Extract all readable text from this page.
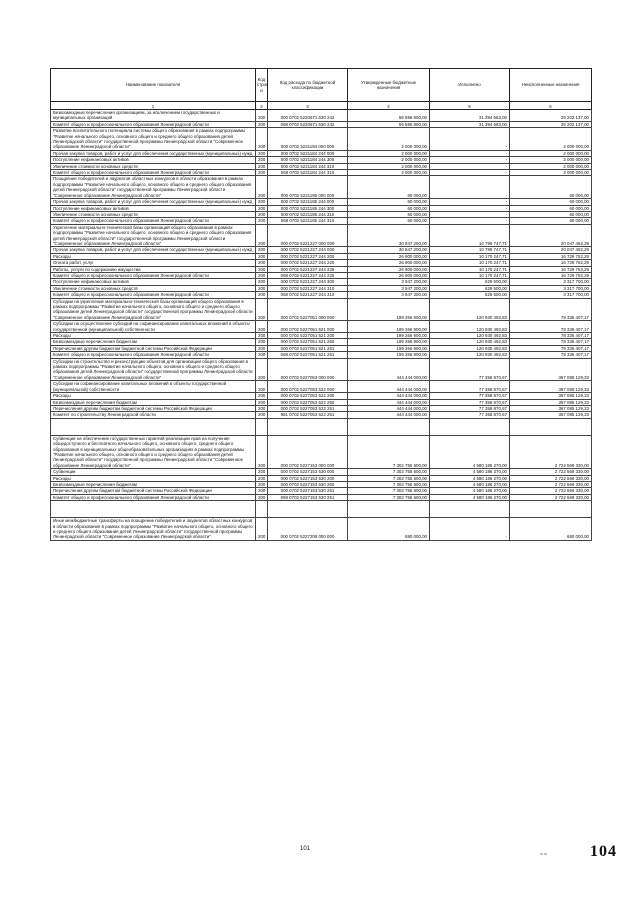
Наименование показателя	Код строк и	Код расхода по бюджетной классификации	Утвержденные бюджетные назначения	Исполнено	Неисполненные назначения
1	2	3	4	5	6
Безвозмездные перечисления организациям, за исключением государственных и муниципальных организаций	200	000 0702 5220671 630 242	56 596 800,00	31 394 663,00	25 202 137,00
Комитет общего и профессионального образования Ленинградской области	200	068 0702 5220671 630 242	56 596 800,00	31 394 663,00	25 202 137,00
Развитие воспитательного потенциала системы общего образования в рамках подпрограммы "Развитие начального общего, основного общего и среднего общего образования детей Ленинградской области" государственной программы Ленинградской области "Современное образование Ленинградской области"	200	000 0702 5221184 000 000	2 000 000,00	-	2 000 000,00
Прочая закупка товаров, работ и услуг для обеспечения государственных (муниципальных) нужд	200	000 0702 5221184 244 000	2 000 000,00	-	2 000 000,00
Поступление нефинансовых активов	200	000 0702 5221184 244 300	2 000 000,00	-	2 000 000,00
Увеличение стоимости основных средств	200	000 0702 5221184 244 310	2 000 000,00	-	2 000 000,00
Комитет общего и профессионального образования Ленинградской области	200	068 0702 5221184 244 310	2 000 000,00	-	2 000 000,00
Поощрение победителей и лауреатов областных конкурсов в области образования в рамках подпрограммы "Развитие начального общего, основного общего и среднего общего образования детей Ленинградской области" государственной программы Ленинградской области "Современное образование Ленинградской области"	200	000 0702 5221185 000 000	60 000,00	-	60 000,00
Прочая закупка товаров, работ и услуг для обеспечения государственных (муниципальных) нужд	200	000 0702 5221185 244 000	60 000,00	-	60 000,00
Поступление нефинансовых активов	200	000 0702 5221185 244 300	60 000,00	-	60 000,00
Увеличение стоимости основных средств	200	000 0702 5221185 244 310	60 000,00	-	60 000,00
Комитет общего и профессионального образования Ленинградской области	200	068 0702 5221185 244 310	60 000,00	-	60 000,00
Укрепление материально-технической базы организаций общего образования в рамках подпрограммы "Развитие начального общего, основного общего и среднего общего образования детей Ленинградской области" государственной программы Ленинградской области "Современное образование Ленинградской области"	200	000 0702 5221227 000 000	30 847 200,00	10 799 747,71	20 047 452,29
Прочая закупка товаров, работ и услуг для обеспечения государственных (муниципальных) нужд	200	000 0702 5221227 244 000	30 847 200,00	10 799 747,71	20 047 452,29
Расходы	200	000 0702 5221227 244 200	26 900 000,00	10 170 247,71	16 729 752,29
Оплата работ, услуг	200	000 0702 5221227 244 220	26 900 000,00	10 170 247,71	16 729 752,29
Работы, услуги по содержанию имущества	200	000 0702 5221227 244 225	26 900 000,00	10 170 247,71	16 729 752,29
Комитет общего и профессионального образования Ленинградской области	200	068 0702 5221227 244 225	26 900 000,00	10 170 247,71	16 729 752,29
Поступление нефинансовых активов	200	000 0702 5221227 244 300	3 947 200,00	629 500,00	3 317 700,00
Увеличение стоимости основных средств	200	000 0702 5221227 244 310	3 947 200,00	629 500,00	3 317 700,00
Комитет общего и профессионального образования Ленинградской области	200	068 0702 5221227 244 310	3 947 200,00	629 500,00	3 317 700,00
Субсидии на укрепление материально-технической базы организаций общего образования в рамках подпрограммы "Развитие начального общего, основного общего и среднего общего образования детей Ленинградской области" государственной программы Ленинградской области "Современное образование Ленинградской области"	200	000 0702 5227051 000 000	199 266 900,00	120 930 492,83	78 336 407,17
Субсидии на осуществление субсидий на софинансирование капитальных вложений в объекты государственной (муниципальной) собственности	200	000 0702 5227051 521 000	199 266 900,00	120 930 492,83	78 336 407,17
Расходы	200	000 0702 5227051 521 200	199 266 900,00	120 930 492,83	78 336 407,17
Безвозмездные перечисления бюджетам	200	000 0702 5227051 521 250	199 266 900,00	120 930 492,83	78 336 407,17
Перечисления другим бюджетам бюджетной системы Российской Федерации	200	000 0702 5227051 521 251	199 266 900,00	120 930 492,83	78 336 407,17
Комитет общего и профессионального образования Ленинградской области	200	068 0702 5227051 521 251	199 266 900,00	120 930 492,83	78 336 407,17
Субсидии на строительство и реконструкцию объектов для организации общего образования в рамках подпрограммы "Развитие начального общего, основного общего и среднего общего образования детей Ленинградской области" государственной программы Ленинградской области "Современное образование Ленинградской области"	200	000 0702 5227053 000 000	444 444 000,00	77 358 870,67	367 085 129,33
Субсидии на софинансирование капитальных вложений в объекты государственной (муниципальной) собственности	200	000 0702 5227053 522 000	444 444 000,00	77 358 870,67	367 085 129,33
Расходы	200	000 0702 5227053 522 200	444 444 000,00	77 358 870,67	367 085 129,33
Безвозмездные перечисления бюджетам	200	000 0702 5227053 522 250	444 444 000,00	77 358 870,67	367 085 129,33
Перечисления другим бюджетам бюджетной системы Российской Федерации	200	000 0702 5227053 522 251	444 444 000,00	77 358 870,67	367 085 129,33
Комитет по строительству Ленинградской области	200	981 0702 5227053 522 251	444 444 000,00	77 358 870,67	367 085 129,33

Субвенции на обеспечение государственных гарантий реализации прав на получение общедоступного и бесплатного начального общего, основного общего, среднего общего образования в муниципальных общеобразовательных организациях в рамках подпрограммы "Развитие начального общего, основного общего и среднего общего образования детей Ленинградской области" государственной программы Ленинградской области "Современное образование Ленинградской области"	200	000 0702 5227153 000 000	7 302 755 600,00	4 580 186 270,00	2 722 569 330,00
Субвенции	200	000 0702 5227153 530 000	7 302 755 600,00	4 580 186 270,00	2 722 569 330,00
Расходы	200	000 0702 5227153 530 200	7 302 755 600,00	4 580 186 270,00	2 722 569 330,00
Безвозмездные перечисления бюджетам	200	000 0702 5227153 530 250	7 302 755 600,00	4 580 186 270,00	2 722 569 330,00
Перечисления другим бюджетам бюджетной системы Российской Федерации	200	000 0702 5227153 530 251	7 302 755 600,00	4 580 186 270,00	2 722 569 330,00
Комитет общего и профессионального образования Ленинградской области	200	068 0702 5227153 530 251	7 302 755 600,00	4 580 186 270,00	2 722 569 330,00

Иные межбюджетные трансферты на поощрение победителей и лауреатов областных конкурсов в области образования в рамках подпрограммы "Развитие начального общего, основного общего и среднего общего образования детей Ленинградской области" государственной программы Ленинградской области "Современное образование Ленинградской области"	200	000 0702 5227208 000 000	680 000,00	-	680 000,00
101
m.m.	104
